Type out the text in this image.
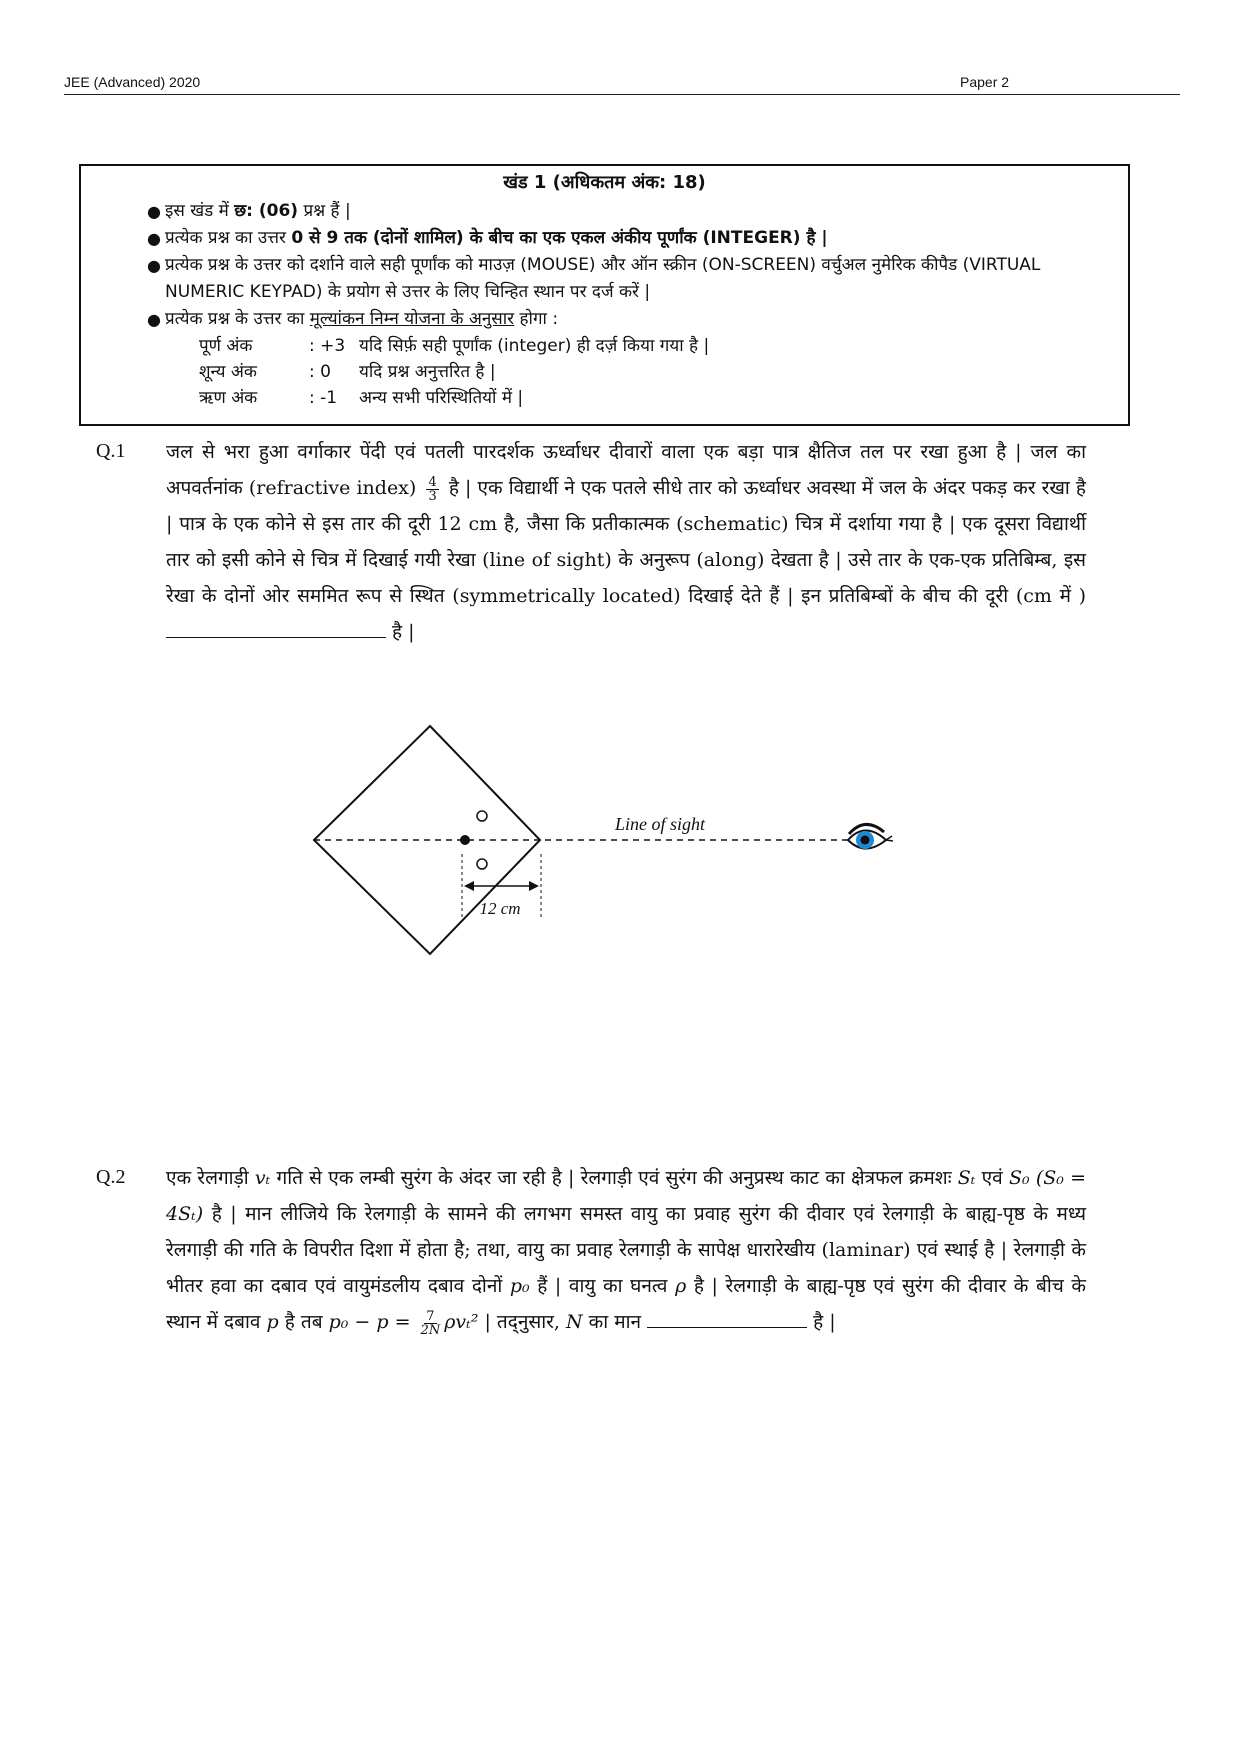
JEE (Advanced) 2020	Paper 2
खंड 1 (अधिकतम अंक: 18)
● इस खंड में छ: (06) प्रश्न हैं |
● प्रत्येक प्रश्न का उत्तर 0 से 9 तक (दोनों शामिल) के बीच का एक एकल अंकीय पूर्णांक (INTEGER) है |
● प्रत्येक प्रश्न के उत्तर को दर्शाने वाले सही पूर्णांक को माउज़ (MOUSE) और ऑन स्क्रीन (ON-SCREEN) वर्चुअल नुमेरिक कीपैड (VIRTUAL NUMERIC KEYPAD) के प्रयोग से उत्तर के लिए चिन्हित स्थान पर दर्ज करें |
● प्रत्येक प्रश्न के उत्तर का मूल्यांकन निम्न योजना के अनुसार होगा :
पूर्ण अंक	: +3 यदि सिर्फ़ सही पूर्णांक (integer) ही दर्ज़ किया गया है |
शून्य अंक	: 0	यदि प्रश्न अनुत्तरित है |
ऋण अंक	: -1	अन्य सभी परिस्थितियों में |
Q.1 जल से भरा हुआ वर्गाकार पेंदी एवं पतली पारदर्शक ऊर्ध्वाधर दीवारों वाला एक बड़ा पात्र क्षैतिज तल पर रखा हुआ है | जल का अपवर्तनांक (refractive index) $\frac{4}{3}$ है | एक विद्यार्थी ने एक पतले सीधे तार को ऊर्ध्वाधर अवस्था में जल के अंदर पकड़ कर रखा है | पात्र के एक कोने से इस तार की दूरी 12 cm है, जैसा कि प्रतीकात्मक (schematic) चित्र में दर्शाया गया है | एक दूसरा विद्यार्थी तार को इसी कोने से चित्र में दिखाई गयी रेखा (line of sight) के अनुरूप (along) देखता है | उसे तार के एक-एक प्रतिबिम्ब, इस रेखा के दोनों ओर सममित रूप से स्थित (symmetrically located) दिखाई देते हैं | इन प्रतिबिम्बों के बीच की दूरी (cm में )  है |
12 cm
Line of sight
Q.2 एक रेलगाड़ी vₜ गति से एक लम्बी सुरंग के अंदर जा रही है | रेलगाड़ी एवं सुरंग की अनुप्रस्थ काट का क्षेत्रफल क्रमशः Sₜ एवं S₀ (S₀ = 4Sₜ) है | मान लीजिये कि रेलगाड़ी के सामने की लगभग समस्त वायु का प्रवाह सुरंग की दीवार एवं रेलगाड़ी के बाह्य-पृष्ठ के मध्य रेलगाड़ी की गति के विपरीत दिशा में होता है; तथा, वायु का प्रवाह रेलगाड़ी के सापेक्ष धारारेखीय (laminar) एवं स्थाई है | रेलगाड़ी के भीतर हवा का दबाव एवं वायुमंडलीय दबाव दोनों p₀ हैं | वायु का घनत्व ρ है | रेलगाड़ी के बाह्य-पृष्ठ एवं सुरंग की दीवार के बीच के स्थान में दबाव p है तब $p_0 - p = \frac{7}{2N} \rho v_t^2$ | तद्नुसार, N का मान	है |
